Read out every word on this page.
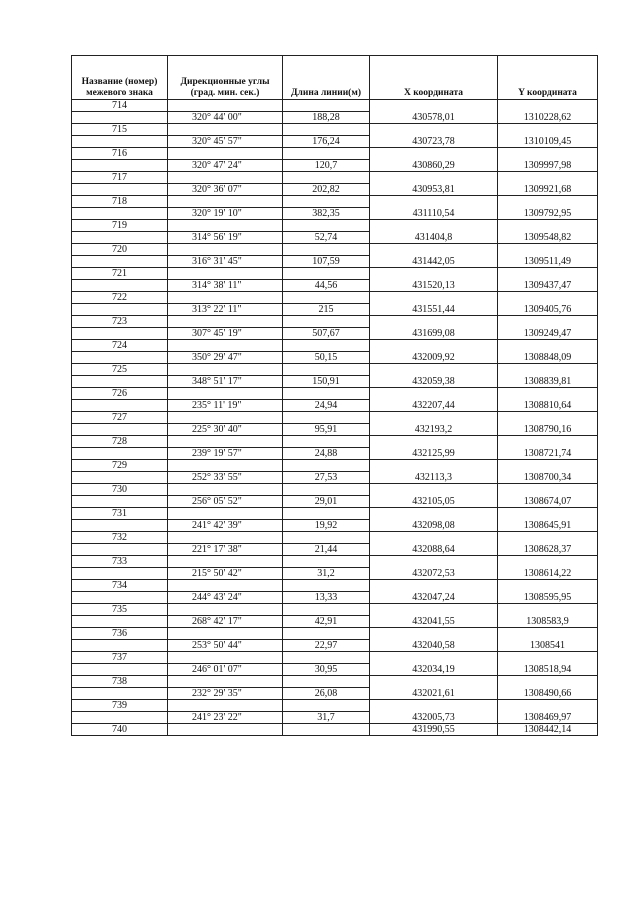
Название (номер) межевого знака	Дирекционные углы (град. мин. сек.)	Длина линии(м)	X координата	Y координата
714			430578,01	1310228,62
	320° 44' 00"	188,28		
715			430723,78	1310109,45
	320° 45' 57"	176,24		
716			430860,29	1309997,98
	320° 47' 24"	120,7		
717			430953,81	1309921,68
	320° 36' 07"	202,82		
718			431110,54	1309792,95
	320° 19' 10"	382,35		
719			431404,8	1309548,82
	314° 56' 19"	52,74		
720			431442,05	1309511,49
	316° 31' 45"	107,59		
721			431520,13	1309437,47
	314° 38' 11"	44,56		
722			431551,44	1309405,76
	313° 22' 11"	215		
723			431699,08	1309249,47
	307° 45' 19"	507,67		
724			432009,92	1308848,09
	350° 29' 47"	50,15		
725			432059,38	1308839,81
	348° 51' 17"	150,91		
726			432207,44	1308810,64
	235° 11' 19"	24,94		
727			432193,2	1308790,16
	225° 30' 40"	95,91		
728			432125,99	1308721,74
	239° 19' 57"	24,88		
729			432113,3	1308700,34
	252° 33' 55"	27,53		
730			432105,05	1308674,07
	256° 05' 52"	29,01		
731			432098,08	1308645,91
	241° 42' 39"	19,92		
732			432088,64	1308628,37
	221° 17' 38"	21,44		
733			432072,53	1308614,22
	215° 50' 42"	31,2		
734			432047,24	1308595,95
	244° 43' 24"	13,33		
735			432041,55	1308583,9
	268° 42' 17"	42,91		
736			432040,58	1308541
	253° 50' 44"	22,97		
737			432034,19	1308518,94
	246° 01' 07"	30,95		
738			432021,61	1308490,66
	232° 29' 35"	26,08		
739			432005,73	1308469,97
	241° 23' 22"	31,7		
740			431990,55	1308442,14
